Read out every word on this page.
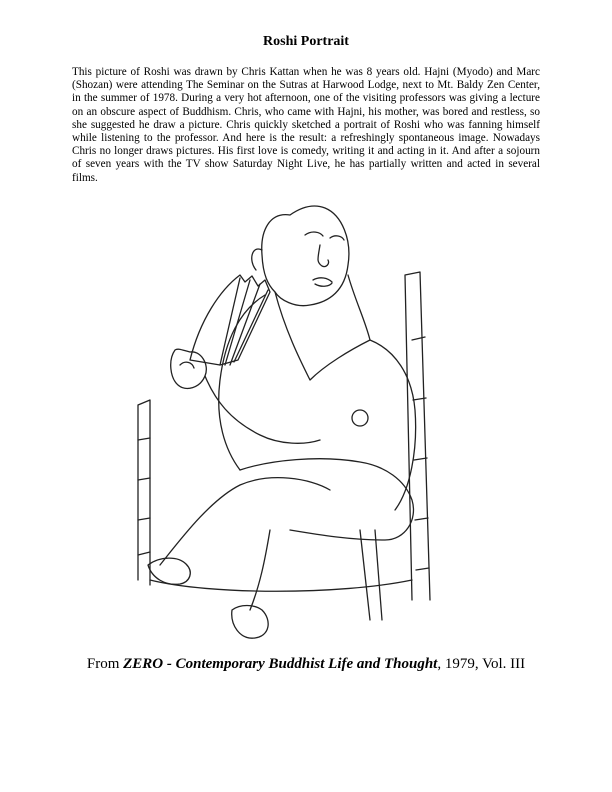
Roshi Portrait
This picture of Roshi was drawn by Chris Kattan when he was 8 years old. Hajni (Myodo) and Marc (Shozan) were attending The Seminar on the Sutras at Harwood Lodge, next to Mt. Baldy Zen Center, in the summer of 1978. During a very hot afternoon, one of the visiting professors was giving a lecture on an obscure aspect of Buddhism. Chris, who came with Hajni, his mother, was bored and restless, so she suggested he draw a picture. Chris quickly sketched a portrait of Roshi who was fanning himself while listening to the professor. And here is the result: a refreshingly spontaneous image. Nowadays Chris no longer draws pictures. His first love is comedy, writing it and acting in it. And after a sojourn of seven years with the TV show Saturday Night Live, he has partially written and acted in several films.
From ZERO - Contemporary Buddhist Life and Thought, 1979, Vol. III
